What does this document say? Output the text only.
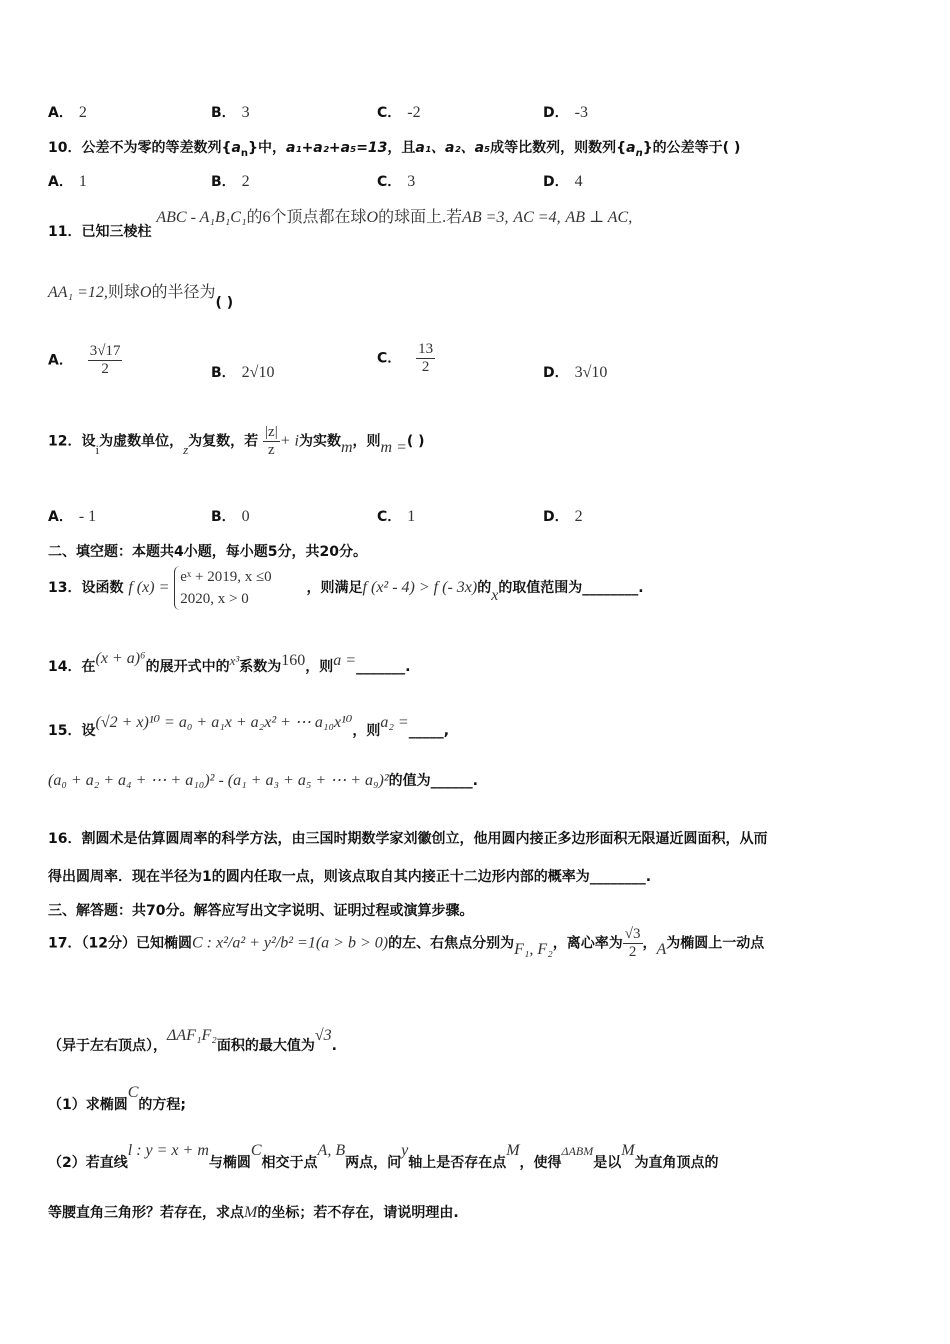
A． 2	B． 3	C． -2	D． -3
10．公差不为零的等差数列$\{a_n\}$中，a₁+a₂+a₅=13，且a₁、a₂、a₅成等比数列，则数列$\{a_n\}$的公差等于( )
A． 1	B． 2	C． 3	D． 4
11．已知三棱柱 ABC - A₁B₁C₁的6个顶点都在球O的球面上.若AB =3, AC =4, AB ⊥ AC,
AA₁ =12,则球O的半径为( )
A． $\frac{3√17}{2}$	B． 2√10
C． $\frac{13}{2}$	D． 3√10
12．设i为虚数单位，z为复数，若 $\frac{|z|}{z} + i$为实数m，则m =( )
A． - 1	B． 0	C． 1	D． 2
二、填空题：本题共4小题，每小题5分，共20分。
13．设函数 f (x) =
eˣ + 2019, x ≤0
2020, x > 0
，则满足f (x² - 4) > f (- 3x)的x的取值范围为________.
14．在(x + a)⁶的展开式中的x³系数为160，则a =_______.
15．设(√2 + x)¹⁰ = a₀ + a₁x + a₂x² + ⋯ a₁₀x¹⁰，则a₂ =_____,
(a₀ + a₂ + a₄ + ⋯ + a₁₀)² - (a₁ + a₃ + a₅ + ⋯ + a₉)²的值为______.
16．割圆术是估算圆周率的科学方法，由三国时期数学家刘徽创立，他用圆内接正多边形面积无限逼近圆面积，从而
得出圆周率．现在半径为1的圆内任取一点，则该点取自其内接正十二边形内部的概率为________.
三、解答题：共70分。解答应写出文字说明、证明过程或演算步骤。
17．（12分）已知椭圆C : x²/a² + y²/b² =1(a > b > 0)的左、右焦点分别为F₁, F₂，离心率为 $\frac{√3}{2}$ ，A为椭圆上一动点
（异于左右顶点），ΔAF₁F₂面积的最大值为√3.
（1）求椭圆C的方程;
（2）若直线l : y = x + m与椭圆C相交于点A, B两点，问y轴上是否存在点M，使得ΔABM是以M为直角顶点的
等腰直角三角形？若存在，求点M的坐标；若不存在，请说明理由.
